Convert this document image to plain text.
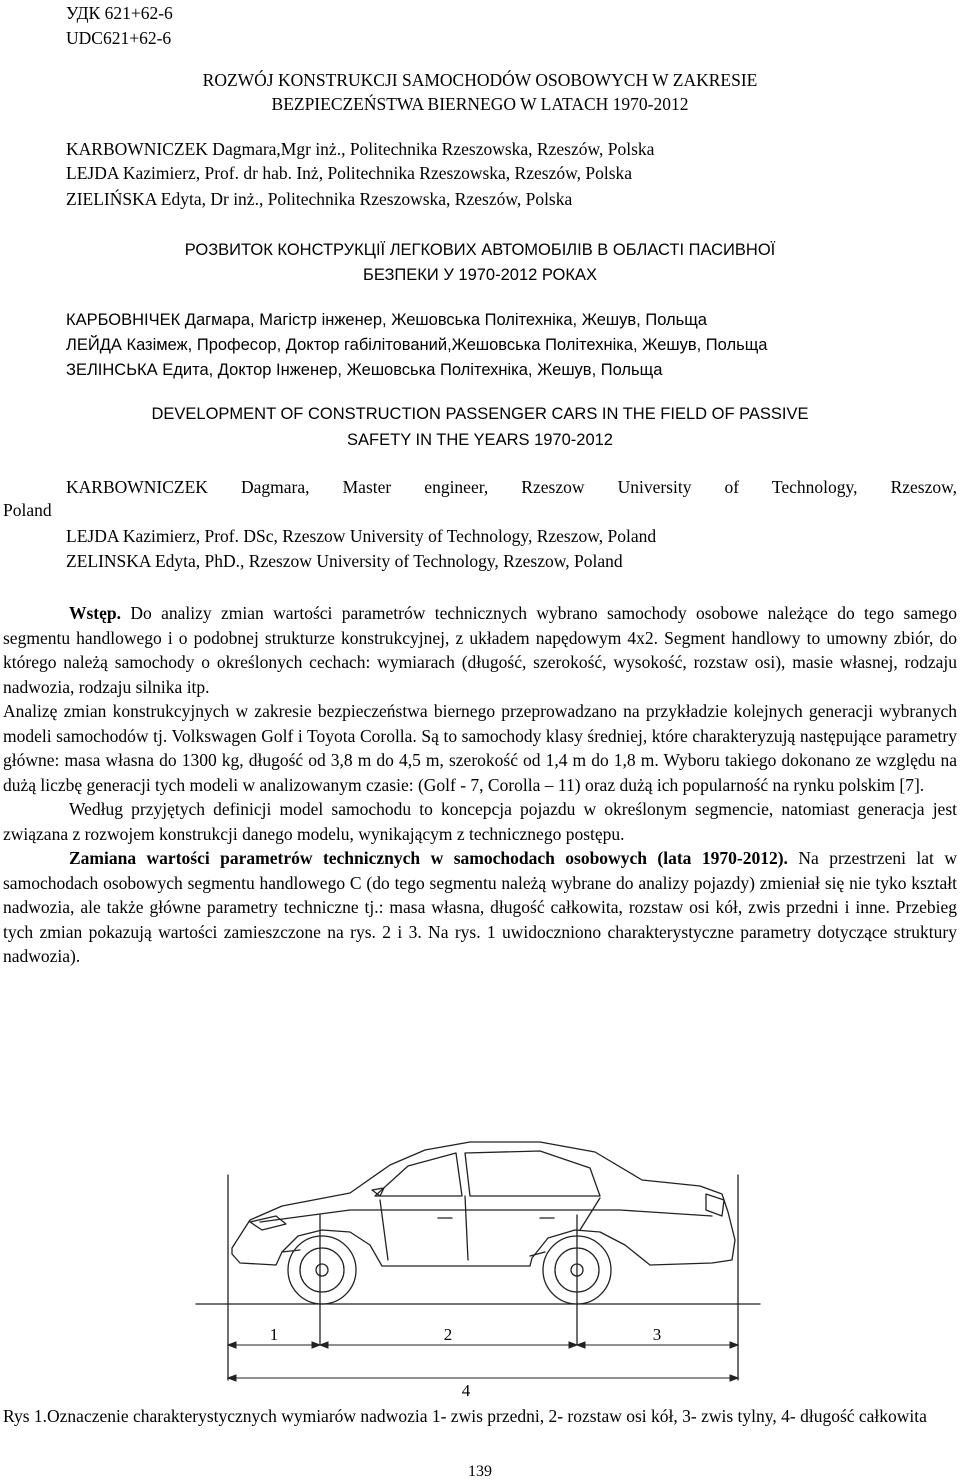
УДК 621+62-6
UDC621+62-6
ROZWÓJ KONSTRUKCJI SAMOCHODÓW OSOBOWYCH W ZAKRESIE
BEZPIECZEŃSTWA BIERNEGO W LATACH 1970-2012
KARBOWNICZEK Dagmara,Mgr inż., Politechnika Rzeszowska, Rzeszów, Polska
LEJDA Kazimierz, Prof. dr hab. Inż, Politechnika Rzeszowska, Rzeszów, Polska
ZIELIŃSKA Edyta, Dr inż., Politechnika Rzeszowska, Rzeszów, Polska
РОЗВИТОК КОНСТРУКЦІЇ ЛЕГКОВИХ АВТОМОБІЛІВ В ОБЛАСТІ ПАСИВНОЇ
БЕЗПЕКИ У 1970-2012 РОКАХ
КАРБОВНІЧЕК Дагмара, Магістр інженер, Жешовська Політехніка, Жешув, Польща
ЛЕЙДА Казімеж, Професор, Доктор габілітований,Жешовська Політехніка, Жешув, Польща
ЗЕЛІНСЬКА Едита, Доктор Інженер, Жешовська Політехніка, Жешув, Польща
DEVELOPMENT OF CONSTRUCTION PASSENGER CARS IN THE FIELD OF PASSIVE
SAFETY IN THE YEARS 1970-2012
KARBOWNICZEK Dagmara, Master engineer, Rzeszow University of Technology, Rzeszow,
Poland
LEJDA Kazimierz, Prof. DSc, Rzeszow University of Technology, Rzeszow, Poland
ZELINSKA Edyta, PhD., Rzeszow University of Technology, Rzeszow, Poland

Wstęp. Do analizy zmian wartości parametrów technicznych wybrano samochody osobowe należące do tego samego segmentu handlowego i o podobnej strukturze konstrukcyjnej, z układem napędowym 4x2. Segment handlowy to umowny zbiór, do którego należą samochody o określonych cechach: wymiarach (długość, szerokość, wysokość, rozstaw osi), masie własnej, rodzaju nadwozia, rodzaju silnika itp.

Analizę zmian konstrukcyjnych w zakresie bezpieczeństwa biernego przeprowadzano na przykładzie kolejnych generacji wybranych modeli samochodów tj. Volkswagen Golf i Toyota Corolla. Są to samochody klasy średniej, które charakteryzują następujące parametry główne: masa własna do 1300 kg, długość od 3,8 m do 4,5 m, szerokość od 1,4 m do 1,8 m. Wyboru takiego dokonano ze względu na dużą liczbę generacji tych modeli w analizowanym czasie: (Golf - 7, Corolla – 11) oraz dużą ich popularność na rynku polskim [7].

Według przyjętych definicji model samochodu to koncepcja pojazdu w określonym segmencie, natomiast generacja jest związana z rozwojem konstrukcji danego modelu, wynikającym z technicznego postępu.

Zamiana wartości parametrów technicznych w samochodach osobowych (lata 1970-2012). Na przestrzeni lat w samochodach osobowych segmentu handlowego C (do tego segmentu należą wybrane do analizy pojazdy) zmieniał się nie tyko kształt nadwozia, ale także główne parametry techniczne tj.: masa własna, długość całkowita, rozstaw osi kół, zwis przedni i inne. Przebieg tych zmian pokazują wartości zamieszczone na rys. 2 i 3. Na rys. 1 uwidoczniono charakterystyczne parametry dotyczące struktury nadwozia).

1	2	3
4
Rys 1.Oznaczenie charakterystycznych wymiarów nadwozia 1- zwis przedni, 2- rozstaw osi kół, 3- zwis tylny, 4- długość całkowita
139
